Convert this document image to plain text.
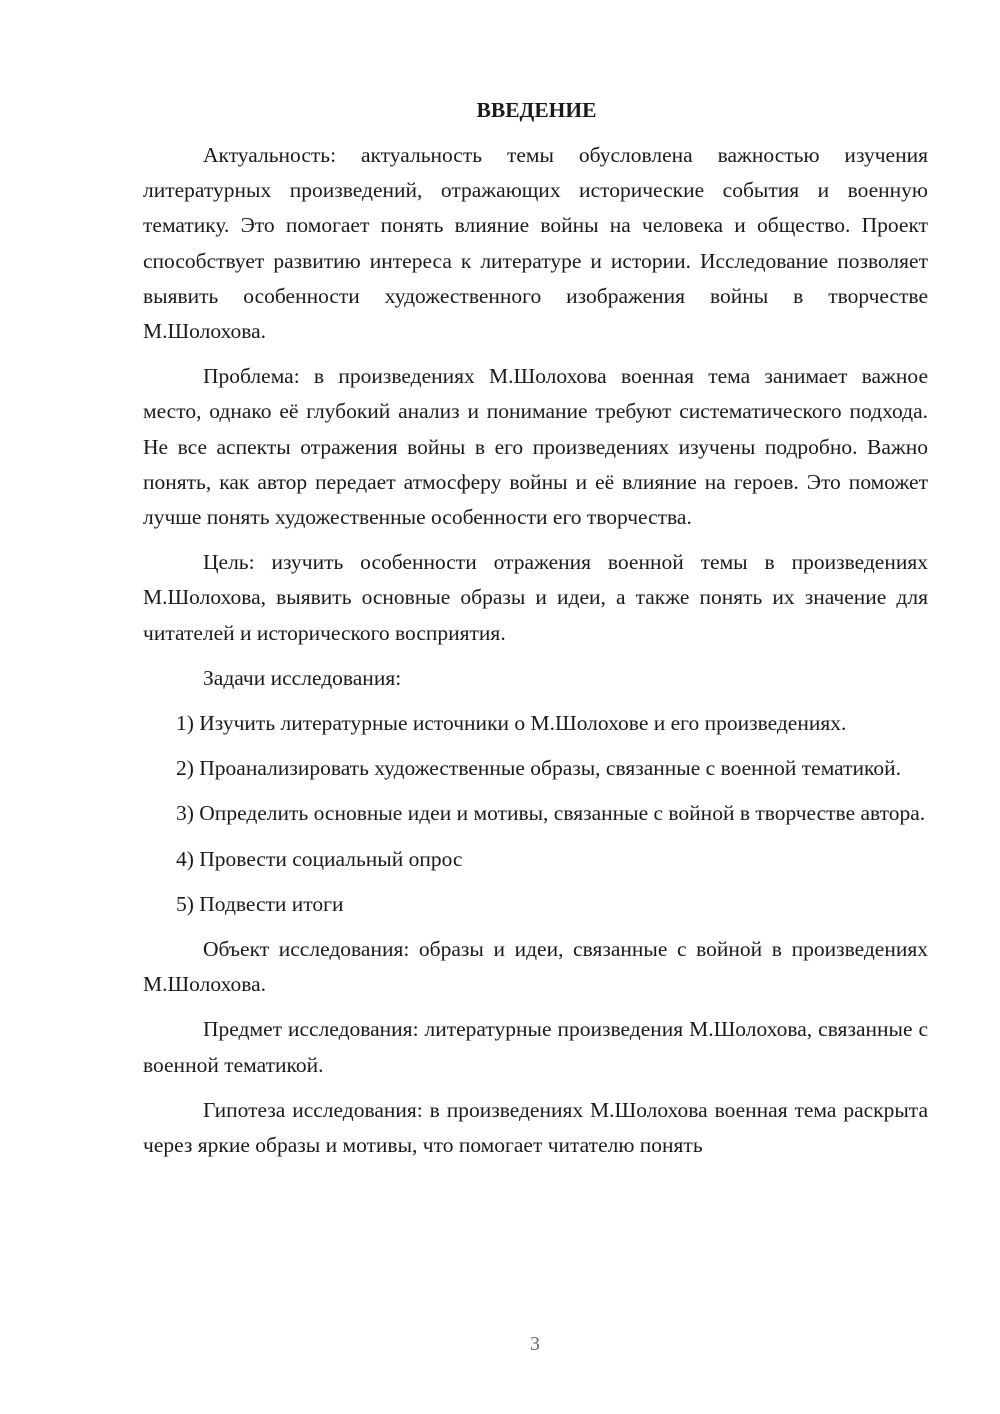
ВВЕДЕНИЕ

Актуальность: актуальность темы обусловлена важностью изучения литературных произведений, отражающих исторические события и военную тематику. Это помогает понять влияние войны на человека и общество. Проект способствует развитию интереса к литературе и истории. Исследование позволяет выявить особенности художественного изображения войны в творчестве М.Шолохова.

Проблема: в произведениях М.Шолохова военная тема занимает важное место, однако её глубокий анализ и понимание требуют систематического подхода. Не все аспекты отражения войны в его произведениях изучены подробно. Важно понять, как автор передает атмосферу войны и её влияние на героев. Это поможет лучше понять художественные особенности его творчества.

Цель: изучить особенности отражения военной темы в произведениях М.Шолохова, выявить основные образы и идеи, а также понять их значение для читателей и исторического восприятия.

Задачи исследования:

1) Изучить литературные источники о М.Шолохове и его произведениях.

2) Проанализировать художественные образы, связанные с военной тематикой.

3) Определить основные идеи и мотивы, связанные с войной в творчестве автора.

4) Провести социальный опрос

5) Подвести итоги

Объект исследования: образы и идеи, связанные с войной в произведениях М.Шолохова.

Предмет исследования: литературные произведения М.Шолохова, связанные с военной тематикой.

Гипотеза исследования: в произведениях М.Шолохова военная тема раскрыта через яркие образы и мотивы, что помогает читателю понять

3
